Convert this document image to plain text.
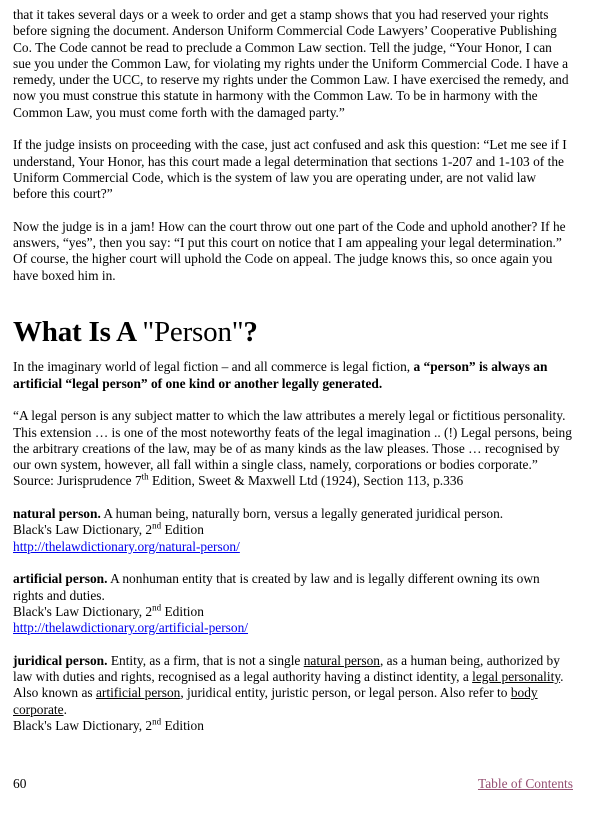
that it takes several days or a week to order and get a stamp shows that you had reserved your rights before signing the document. Anderson Uniform Commercial Code Lawyers’ Cooperative Publishing Co. The Code cannot be read to preclude a Common Law section. Tell the judge, “Your Honor, I can sue you under the Common Law, for violating my rights under the Uniform Commercial Code. I have a remedy, under the UCC, to reserve my rights under the Common Law. I have exercised the remedy, and now you must construe this statute in harmony with the Common Law. To be in harmony with the Common Law, you must come forth with the damaged party.”

If the judge insists on proceeding with the case, just act confused and ask this question: “Let me see if I understand, Your Honor, has this court made a legal determination that sections 1-207 and 1-103 of the Uniform Commercial Code, which is the system of law you are operating under, are not valid law before this court?”

Now the judge is in a jam! How can the court throw out one part of the Code and uphold another? If he answers, “yes”, then you say: “I put this court on notice that I am appealing your legal determination.” Of course, the higher court will uphold the Code on appeal. The judge knows this, so once again you have boxed him in.

What Is A "Person"?

In the imaginary world of legal fiction – and all commerce is legal fiction, a “person” is always an artificial “legal person” of one kind or another legally generated.

“A legal person is any subject matter to which the law attributes a merely legal or fictitious personality. This extension … is one of the most noteworthy feats of the legal imagination .. (!) Legal persons, being the arbitrary creations of the law, may be of as many kinds as the law pleases. Those … recognised by our own system, however, all fall within a single class, namely, corporations or bodies corporate.”
Source: Jurisprudence 7th Edition, Sweet & Maxwell Ltd (1924), Section 113, p.336

natural person. A human being, naturally born, versus a legally generated juridical person.
Black's Law Dictionary, 2nd Edition
http://thelawdictionary.org/natural-person/

artificial person. A nonhuman entity that is created by law and is legally different owning its own rights and duties.
Black's Law Dictionary, 2nd Edition
http://thelawdictionary.org/artificial-person/

juridical person. Entity, as a firm, that is not a single natural person, as a human being, authorized by law with duties and rights, recognised as a legal authority having a distinct identity, a legal personality. Also known as artificial person, juridical entity, juristic person, or legal person. Also refer to body corporate.
Black's Law Dictionary, 2nd Edition

60	Table of Contents
